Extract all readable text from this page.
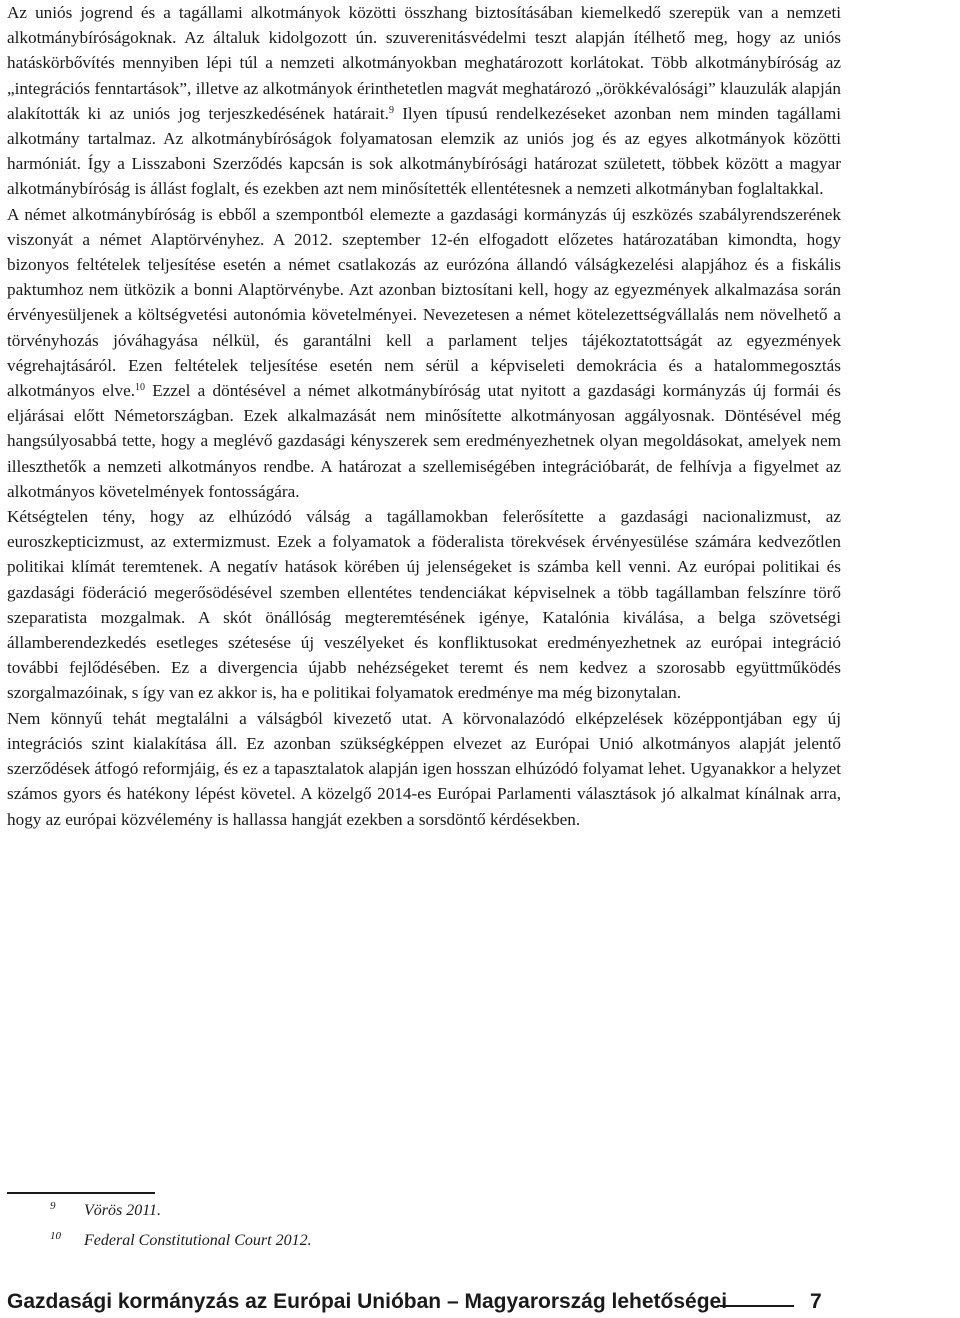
Az uniós jogrend és a tagállami alkotmányok közötti összhang biztosításában kiemelkedő szerepük van a nemzeti alkotmánybíróságoknak. Az általuk kidolgozott ún. szuverenitásvédelmi teszt alapján ítélhető meg, hogy az uniós hatáskörbővítés mennyiben lépi túl a nemzeti alkotmányokban meghatározott korlátokat. Több alkotmánybíróság az „integrációs fenntartások”, illetve az alkotmányok érinthetetlen magvát meghatározó „örökkévalósági” klauzulák alapján alakították ki az uniós jog terjeszkedésének határait.$^9$ Ilyen típusú rendelkezéseket azonban nem minden tagállami alkotmány tartalmaz. Az alkotmánybíróságok folyamatosan elemzik az uniós jog és az egyes alkotmányok közötti harmóniát. Így a Lisszaboni Szerződés kapcsán is sok alkotmánybírósági határozat született, többek között a magyar alkotmánybíróság is állást foglalt, és ezekben azt nem minősítették ellentétesnek a nemzeti alkotmányban foglaltakkal.

A német alkotmánybíróság is ebből a szempontból elemezte a gazdasági kormányzás új eszközés szabályrendszerének viszonyát a német Alaptörvényhez. A 2012. szeptember 12-én elfogadott előzetes határozatában kimondta, hogy bizonyos feltételek teljesítése esetén a német csatlakozás az eurózóna állandó válságkezelési alapjához és a fiskális paktumhoz nem ütközik a bonni Alaptörvénybe. Azt azonban biztosítani kell, hogy az egyezmények alkalmazása során érvényesüljenek a költségvetési autonómia követelményei. Nevezetesen a német kötelezettségvállalás nem növelhető a törvényhozás jóváhagyása nélkül, és garantálni kell a parlament teljes tájékoztatottságát az egyezmények végrehajtásáról. Ezen feltételek teljesítése esetén nem sérül a képviseleti demokrácia és a hatalommegosztás alkotmányos elve.$^{10}$ Ezzel a döntésével a német alkotmánybíróság utat nyitott a gazdasági kormányzás új formái és eljárásai előtt Németországban. Ezek alkalmazását nem minősítette alkotmányosan aggályosnak. Döntésével még hangsúlyosabbá tette, hogy a meglévő gazdasági kényszerek sem eredményezhetnek olyan megoldásokat, amelyek nem illeszthetők a nemzeti alkotmányos rendbe. A határozat a szellemiségében integrációbarát, de felhívja a figyelmet az alkotmányos követelmények fontosságára.

Kétségtelen tény, hogy az elhúzódó válság a tagállamokban felerősítette a gazdasági nacionalizmust, az euroszkepticizmust, az extermizmust. Ezek a folyamatok a föderalista törekvések érvényesülése számára kedvezőtlen politikai klímát teremtenek. A negatív hatások körében új jelenségeket is számba kell venni. Az európai politikai és gazdasági föderáció megerősödésével szemben ellentétes tendenciákat képviselnek a több tagállamban felszínre törő szeparatista mozgalmak. A skót önállóság megteremtésének igénye, Katalónia kiválása, a belga szövetségi államberendezkedés esetleges szétesése új veszélyeket és konfliktusokat eredményezhetnek az európai integráció további fejlődésében. Ez a divergencia újabb nehézségeket teremt és nem kedvez a szorosabb együttműködés szorgalmazóinak, s így van ez akkor is, ha e politikai folyamatok eredménye ma még bizonytalan.

Nem könnyű tehát megtalálni a válságból kivezető utat. A körvonalazódó elképzelések középpontjában egy új integrációs szint kialakítása áll. Ez azonban szükségképpen elvezet az Európai Unió alkotmányos alapját jelentő szerződések átfogó reformjáig, és ez a tapasztalatok alapján igen hosszan elhúzódó folyamat lehet. Ugyanakkor a helyzet számos gyors és hatékony lépést követel. A közelgő 2014-es Európai Parlamenti választások jó alkalmat kínálnak arra, hogy az európai közvélemény is hallassa hangját ezekben a sorsdöntő kérdésekben.

9 Vörös 2011.
10 Federal Constitutional Court 2012.
Gazdasági kormányzás az Európai Unióban – Magyarország lehetőségei	7
